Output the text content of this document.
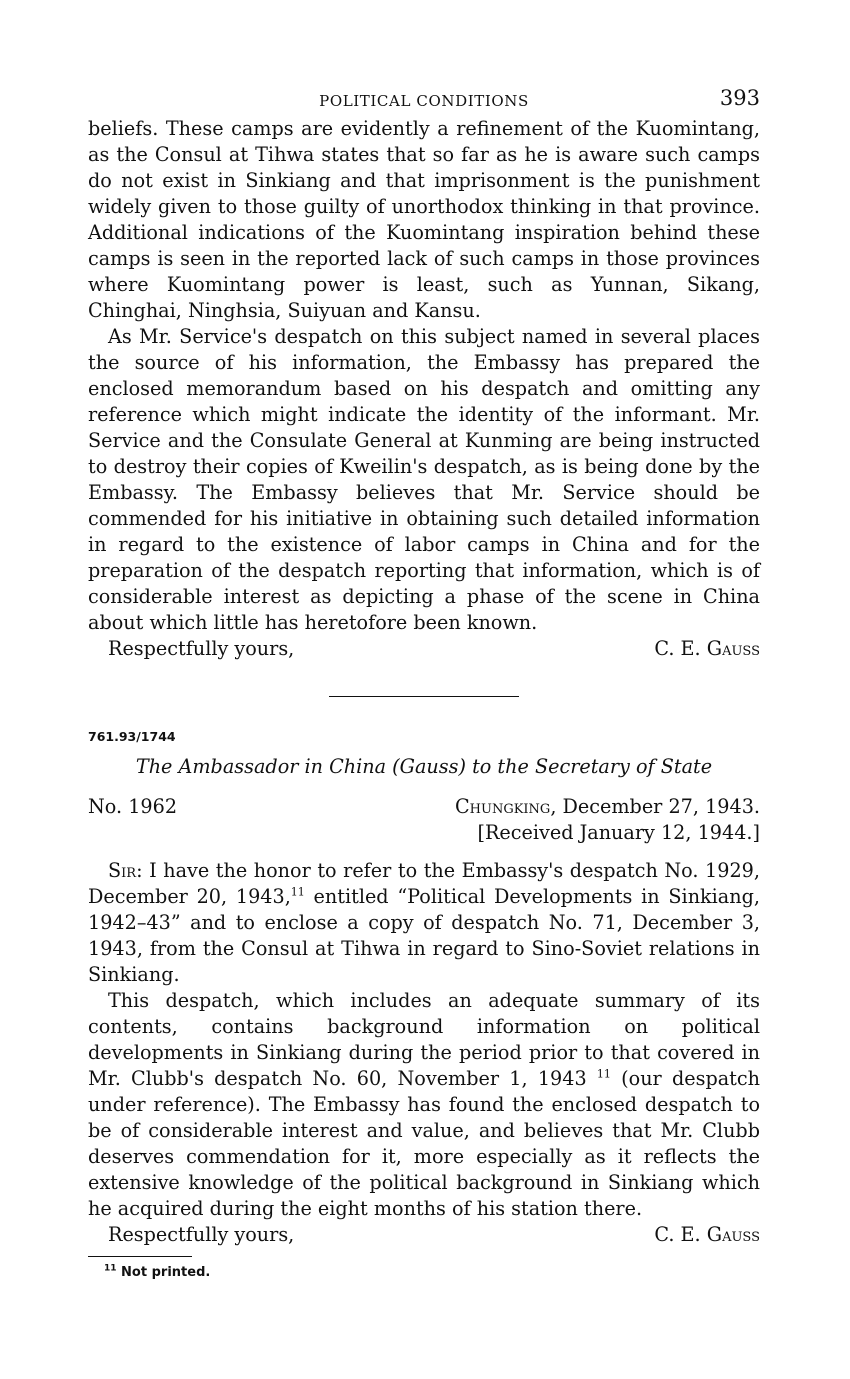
POLITICAL CONDITIONS	393

beliefs. These camps are evidently a refinement of the Kuomintang, as the Consul at Tihwa states that so far as he is aware such camps do not exist in Sinkiang and that imprisonment is the punishment widely given to those guilty of unorthodox thinking in that province. Additional indications of the Kuomintang inspiration behind these camps is seen in the reported lack of such camps in those provinces where Kuomintang power is least, such as Yunnan, Sikang, Chinghai, Ninghsia, Suiyuan and Kansu.

As Mr. Service's despatch on this subject named in several places the source of his information, the Embassy has prepared the enclosed memorandum based on his despatch and omitting any reference which might indicate the identity of the informant. Mr. Service and the Consulate General at Kunming are being instructed to destroy their copies of Kweilin's despatch, as is being done by the Embassy. The Embassy believes that Mr. Service should be commended for his initiative in obtaining such detailed information in regard to the existence of labor camps in China and for the preparation of the despatch reporting that information, which is of considerable interest as depicting a phase of the scene in China about which little has heretofore been known.

Respectfully yours,	C. E. Gauss
761.93/1744
The Ambassador in China (Gauss) to the Secretary of State
No. 1962	Chungking, December 27, 1943.
[Received January 12, 1944.]

Sir: I have the honor to refer to the Embassy's despatch No. 1929, December 20, 1943,11 entitled “Political Developments in Sinkiang, 1942–43” and to enclose a copy of despatch No. 71, December 3, 1943, from the Consul at Tihwa in regard to Sino-Soviet relations in Sinkiang.

This despatch, which includes an adequate summary of its contents, contains background information on political developments in Sinkiang during the period prior to that covered in Mr. Clubb's despatch No. 60, November 1, 1943 $^{11}$ (our despatch under reference). The Embassy has found the enclosed despatch to be of considerable interest and value, and believes that Mr. Clubb deserves commendation for it, more especially as it reflects the extensive knowledge of the political background in Sinkiang which he acquired during the eight months of his station there.

Respectfully yours,	C. E. Gauss
$^{11}$ Not printed.
